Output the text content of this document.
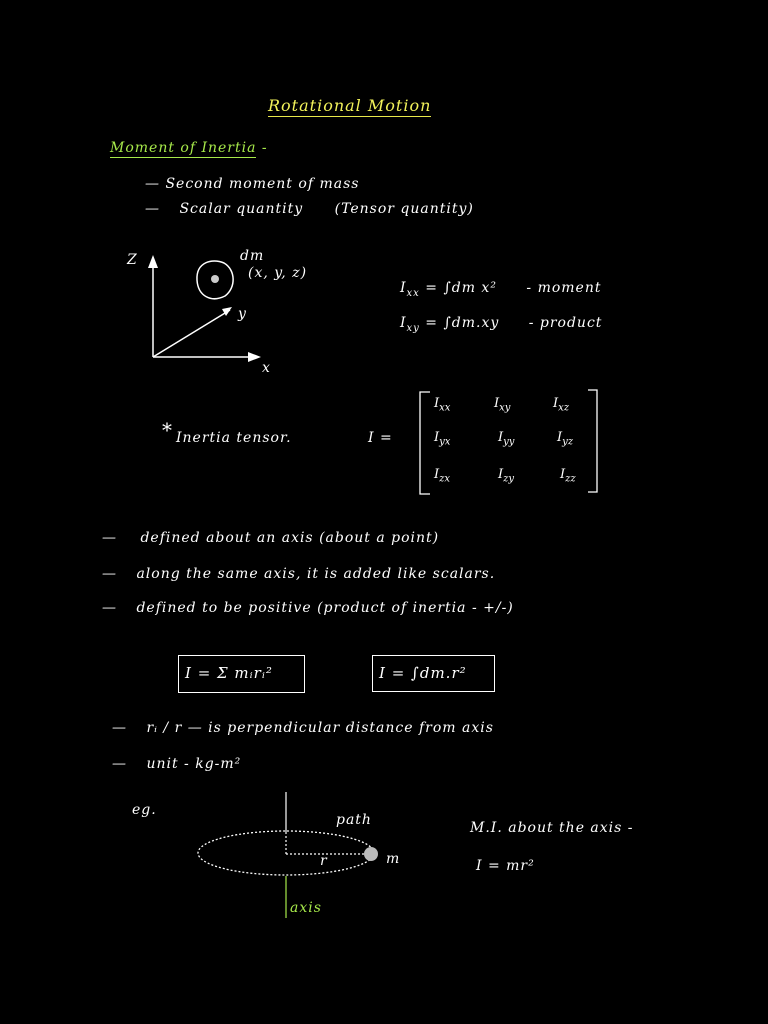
Rotational Motion
Moment of Inertia -
— Second moment of mass
— Scalar quantity (Tensor quantity)
Z
y
x
dm
(x, y, z)
$I_{xx} = \int dm$ x² - moment
$I_{xy} = \int dm.xy$ - product
* Inertia tensor.	I =
$I_{xx}$	$I_{xy}$	$I_{xz}$
$I_{yx}$	$I_{yy}$	$I_{yz}$
$I_{zx}$	$I_{zy}$	$I_{zz}$
— defined about an axis (about a point)
— along the same axis, it is added like scalars.
— defined to be positive (product of inertia - +/-)
I = Σ mᵢrᵢ²	I = ∫dm.r²
— rᵢ / r — is perpendicular distance from axis
— unit - kg-m²
eg.
path
r	m
axis
M.I. about the axis -
I = mr²
